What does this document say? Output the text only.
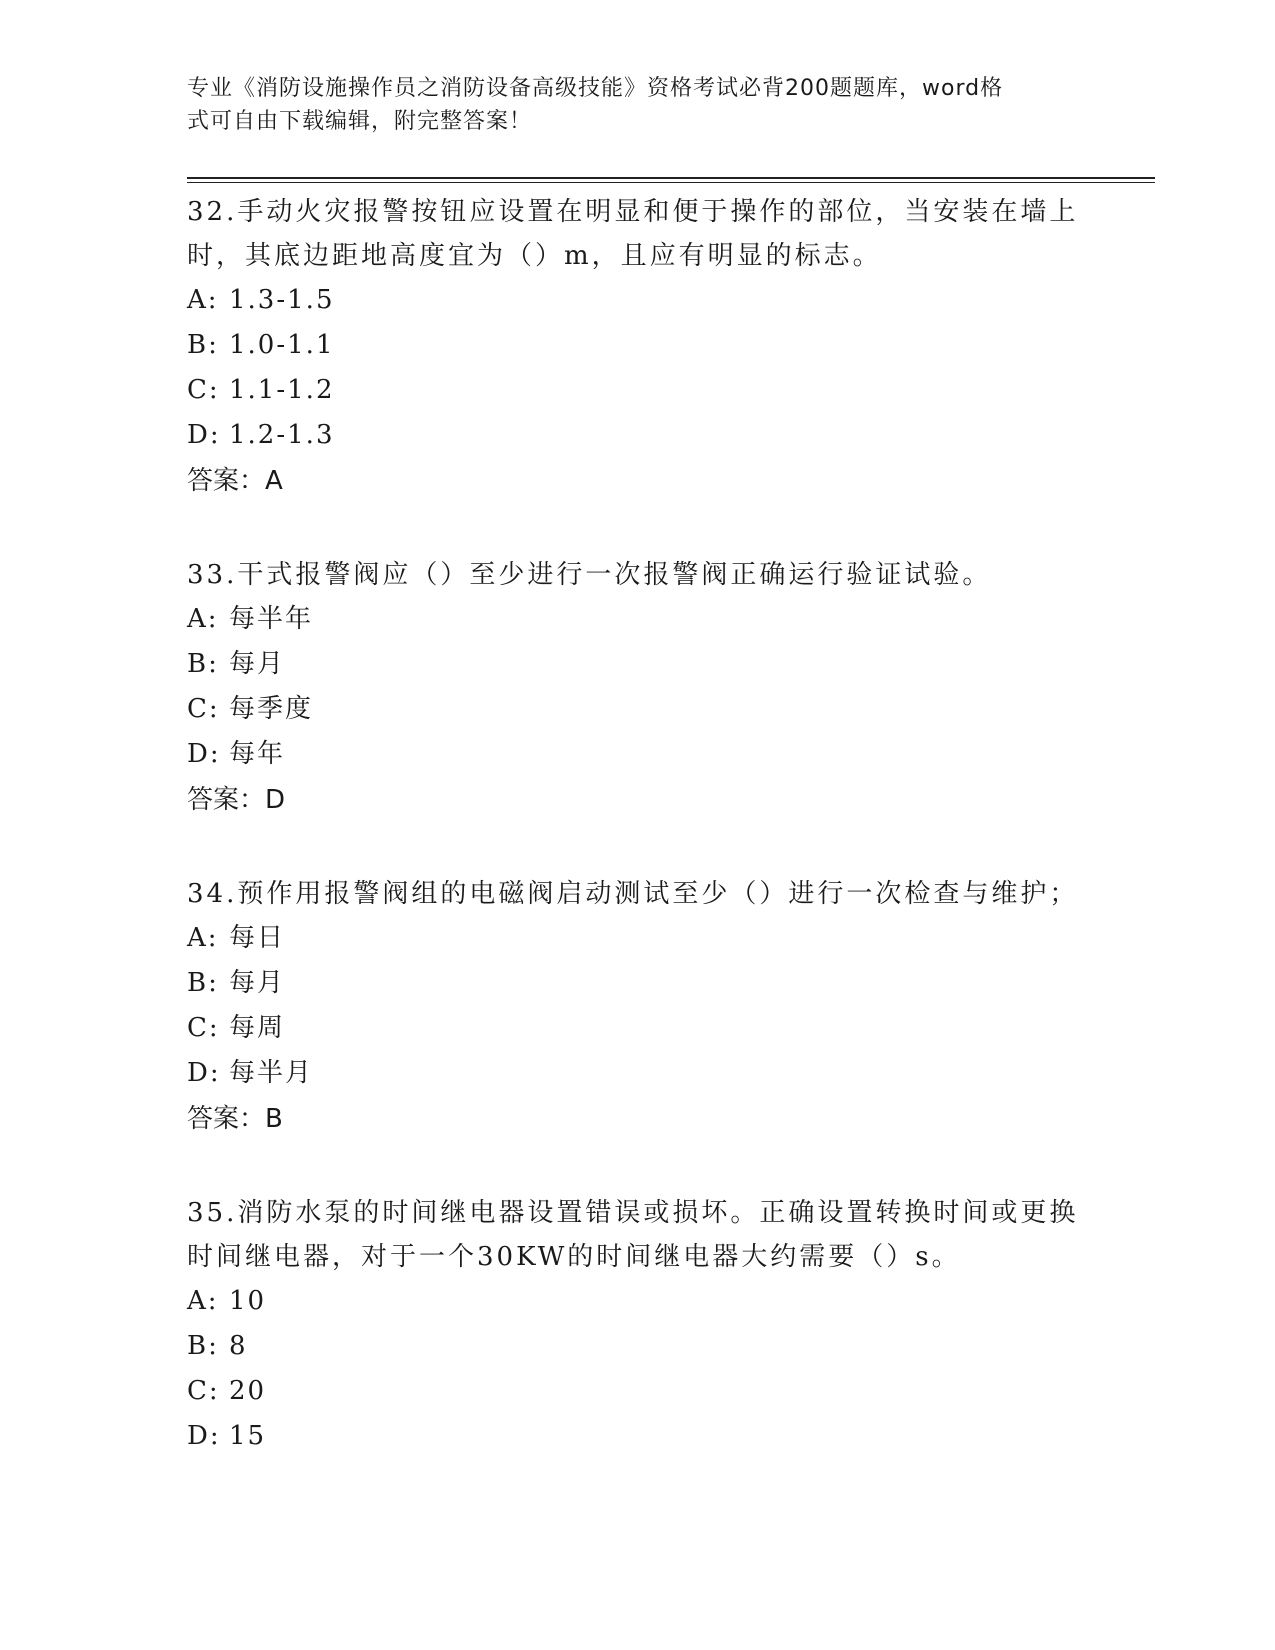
专业《消防设施操作员之消防设备高级技能》资格考试必背200题题库，word格
式可自由下载编辑，附完整答案！
32.手动火灾报警按钮应设置在明显和便于操作的部位，当安装在墙上
时，其底边距地高度宜为（）m，且应有明显的标志。
A: 1.3-1.5
B: 1.0-1.1
C: 1.1-1.2
D: 1.2-1.3
答案：A
33.干式报警阀应（）至少进行一次报警阀正确运行验证试验。
A: 每半年
B: 每月
C: 每季度
D: 每年
答案：D
34.预作用报警阀组的电磁阀启动测试至少（）进行一次检查与维护；
A: 每日
B: 每月
C: 每周
D: 每半月
答案：B
35.消防水泵的时间继电器设置错误或损坏。正确设置转换时间或更换
时间继电器，对于一个30KW的时间继电器大约需要（）s。
A: 10
B: 8
C: 20
D: 15
